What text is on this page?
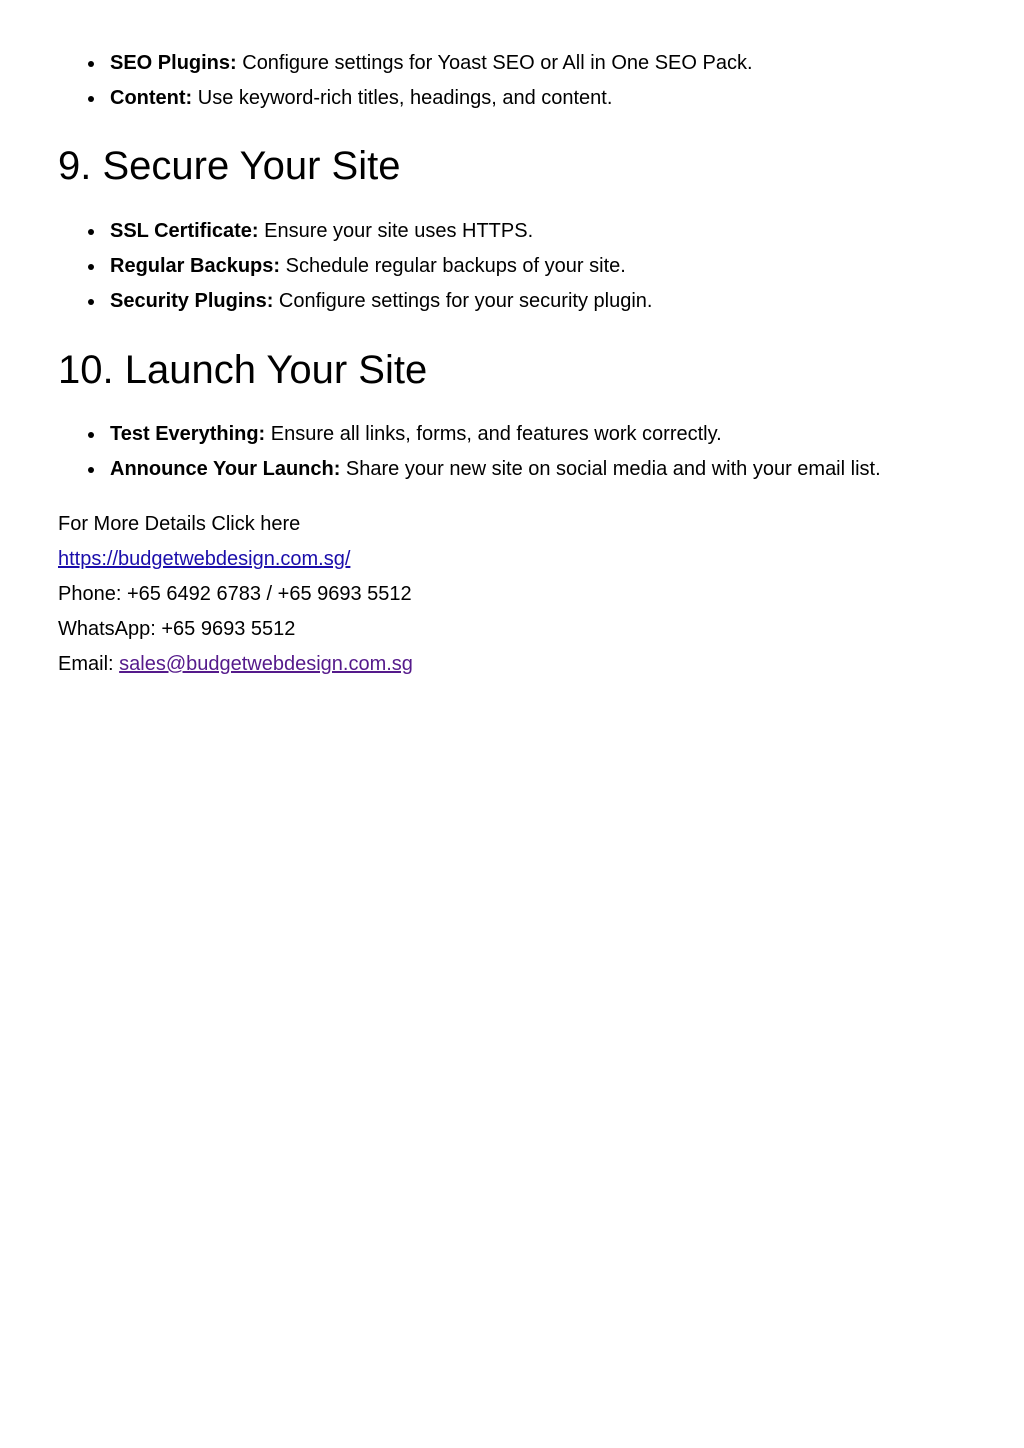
SEO Plugins: Configure settings for Yoast SEO or All in One SEO Pack.
Content: Use keyword-rich titles, headings, and content.
9. Secure Your Site
SSL Certificate: Ensure your site uses HTTPS.
Regular Backups: Schedule regular backups of your site.
Security Plugins: Configure settings for your security plugin.
10. Launch Your Site
Test Everything: Ensure all links, forms, and features work correctly.
Announce Your Launch: Share your new site on social media and with your email list.
For More Details Click here
https://budgetwebdesign.com.sg/
Phone: +65 6492 6783 / +65 9693 5512
WhatsApp: +65 9693 5512
Email: sales@budgetwebdesign.com.sg
